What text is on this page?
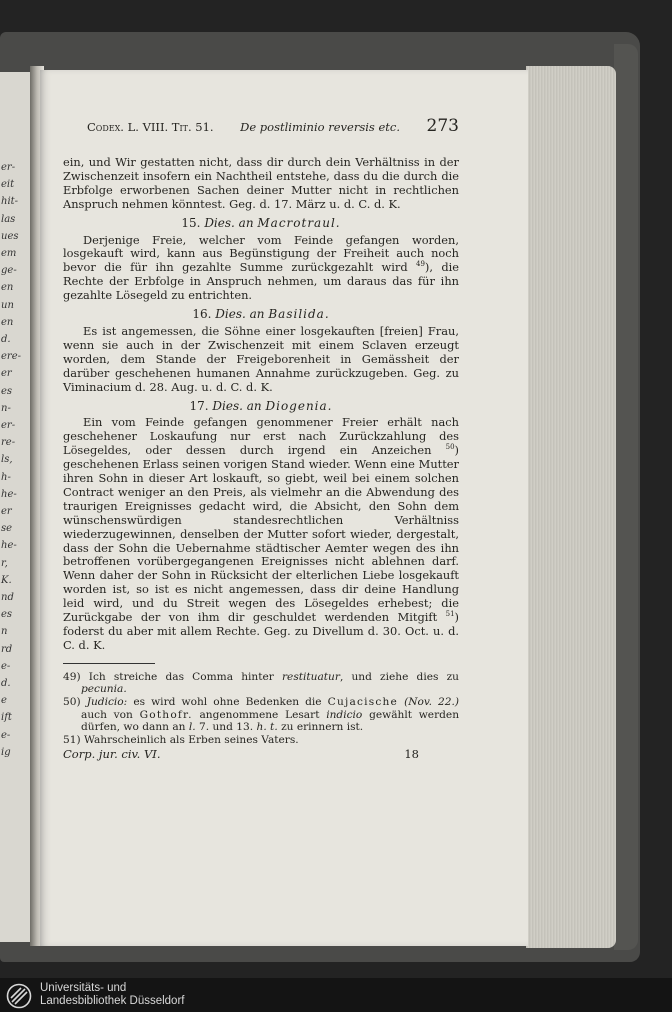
er-
eit
hit-
las
ues
em
ge-
en
un
en
d.
ere-
er
es
n-
er-
re-
ls,
h-
he-
er
se
he-
r,
K.
nd
es
n
rd
e-
d.
e
ift
e-
ig
Codex. L. VIII. Tit. 51. De postliminio reversis etc. 273

ein, und Wir gestatten nicht, dass dir durch dein Verhältniss in der Zwischenzeit insofern ein Nachtheil entstehe, dass du die durch die Erbfolge erworbenen Sachen deiner Mutter nicht in rechtlichen Anspruch nehmen könntest. Geg. d. 17. März u. d. C. d. K.

15. Dies. an Macrotraul.

Derjenige Freie, welcher vom Feinde gefangen worden, losgekauft wird, kann aus Begünstigung der Freiheit auch noch bevor die für ihn gezahlte Summe zurückgezahlt wird $^{49}$), die Rechte der Erbfolge in Anspruch nehmen, um daraus das für ihn gezahlte Lösegeld zu entrichten.

16. Dies. an Basilida.

Es ist angemessen, die Söhne einer losgekauften [freien] Frau, wenn sie auch in der Zwischenzeit mit einem Sclaven erzeugt worden, dem Stande der Freigeborenheit in Gemässheit der darüber geschehenen humanen Annahme zurückzugeben. Geg. zu Viminacium d. 28. Aug. u. d. C. d. K.

17. Dies. an Diogenia.

Ein vom Feinde gefangen genommener Freier erhält nach geschehener Loskaufung nur erst nach Zurückzahlung des Lösegeldes, oder dessen durch irgend ein Anzeichen $^{50}$) geschehenen Erlass seinen vorigen Stand wieder. Wenn eine Mutter ihren Sohn in dieser Art loskauft, so giebt, weil bei einem solchen Contract weniger an den Preis, als vielmehr an die Abwendung des traurigen Ereignisses gedacht wird, die Absicht, den Sohn dem wünschenswürdigen standesrechtlichen Verhältniss wiederzugewinnen, denselben der Mutter sofort wieder, dergestalt, dass der Sohn die Uebernahme städtischer Aemter wegen des ihn betroffenen vorübergegangenen Ereignisses nicht ablehnen darf. Wenn daher der Sohn in Rücksicht der elterlichen Liebe losgekauft worden ist, so ist es nicht angemessen, dass dir deine Handlung leid wird, und du Streit wegen des Lösegeldes erhebest; die Zurückgabe der von ihm dir geschuldet werdenden Mitgift $^{51}$) foderst du aber mit allem Rechte. Geg. zu Divellum d. 30. Oct. u. d. C. d. K.

49) Ich streiche das Comma hinter restituatur, und ziehe dies zu pecunia.

50) Judicio: es wird wohl ohne Bedenken die Cujacische (Nov. 22.) auch von Gothofr. angenommene Lesart indicio gewählt werden dürfen, wo dann an l. 7. und 13. h. t. zu erinnern ist.

51) Wahrscheinlich als Erben seines Vaters.

Corp. jur. civ. VI.	18
Universitäts- und
Landesbibliothek Düsseldorf
